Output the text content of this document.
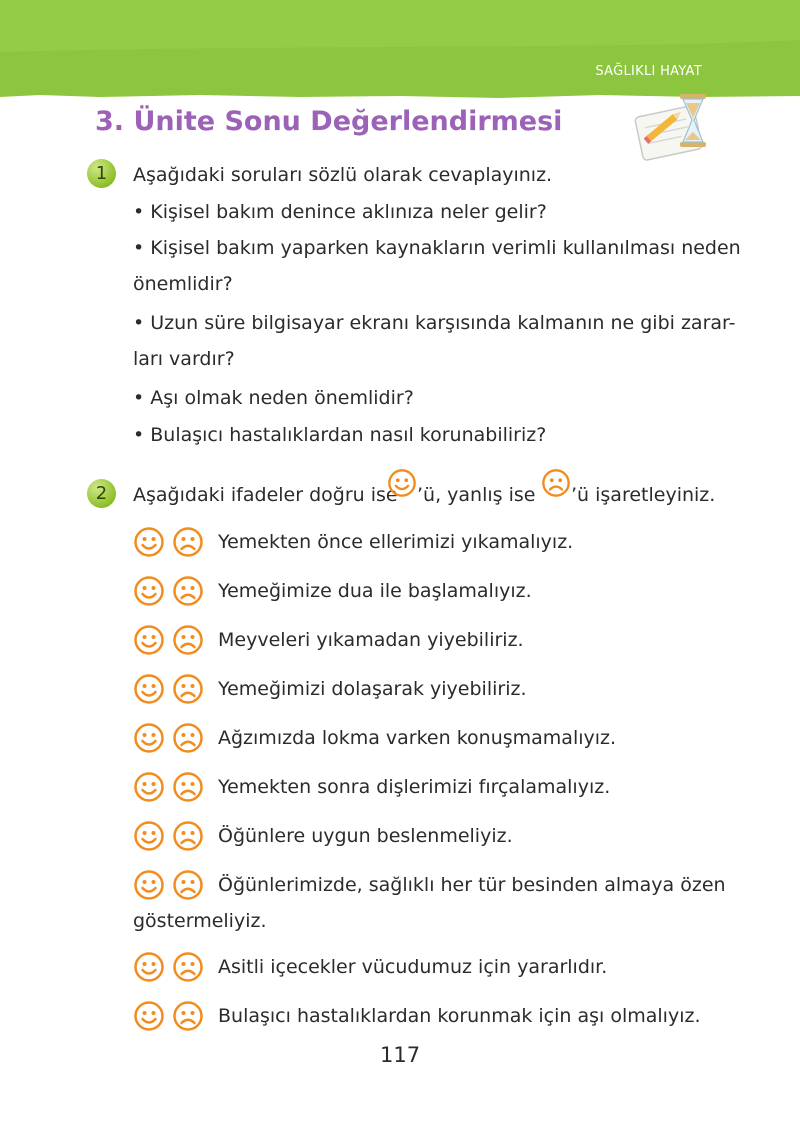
SAĞLIKLI HAYAT
3. Ünite Sonu Değerlendirmesi
1	Aşağıdaki soruları sözlü olarak cevaplayınız.
• Kişisel bakım denince aklınıza neler gelir?
• Kişisel bakım yaparken kaynakların verimli kullanılması neden
önemlidir?
• Uzun süre bilgisayar ekranı karşısında kalmanın ne gibi zarar-
ları vardır?
• Aşı olmak neden önemlidir?
• Bulaşıcı hastalıklardan nasıl korunabiliriz?
2	Aşağıdaki ifadeler doğru ise ’ü, yanlış ise ’ü işaretleyiniz.
Yemekten önce ellerimizi yıkamalıyız.
Yemeğimize dua ile başlamalıyız.
Meyveleri yıkamadan yiyebiliriz.
Yemeğimizi dolaşarak yiyebiliriz.
Ağzımızda lokma varken konuşmamalıyız.
Yemekten sonra dişlerimizi fırçalamalıyız.
Öğünlere uygun beslenmeliyiz.
Öğünlerimizde, sağlıklı her tür besinden almaya özen
Asitli içecekler vücudumuz için yararlıdır.
Bulaşıcı hastalıklardan korunmak için aşı olmalıyız.
göstermeliyiz.
117
